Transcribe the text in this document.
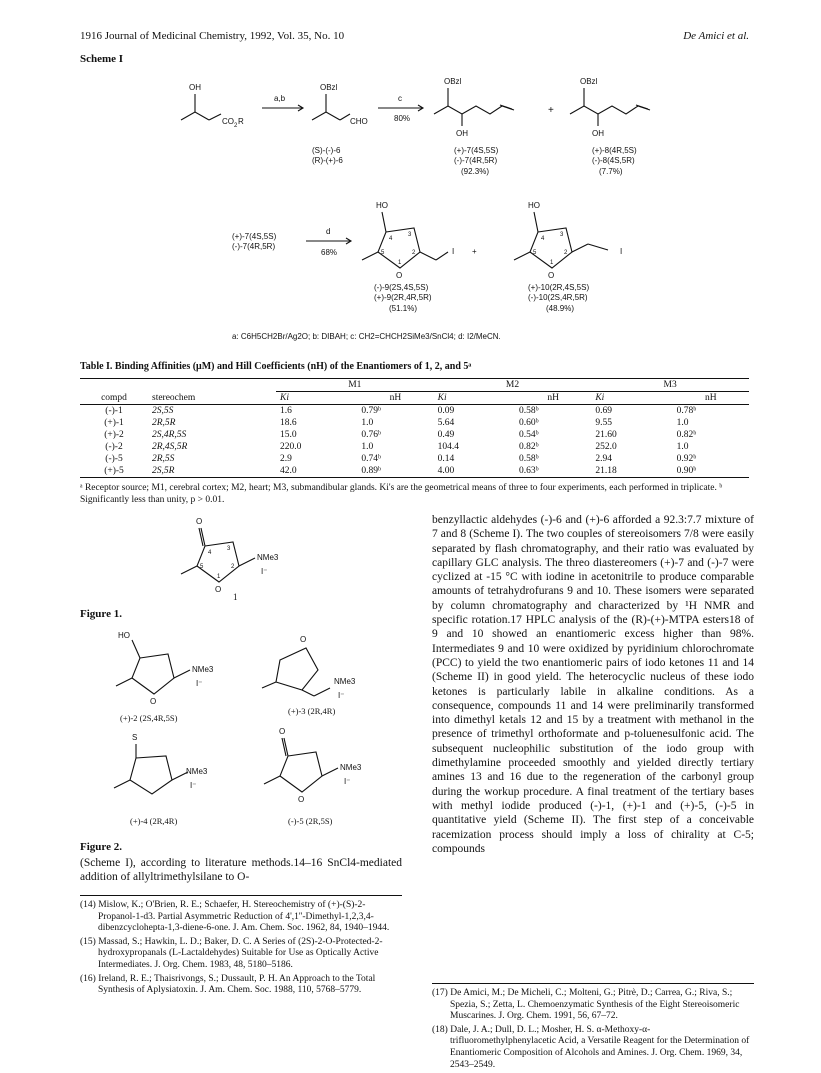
1916 Journal of Medicinal Chemistry, 1992, Vol. 35, No. 10	De Amici et al.
Scheme I
OH
CO 2 R
a,b
OBzl
CHO
(S)-(-)-6
(R)-(+)-6
c
80%
OBzl
OH
(+)-7(4S,5S)
(-)-7(4R,5R)
(92.3%)
+
OBzl
OH
(+)-8(4R,5S)
(-)-8(4S,5R)
(7.7%)
(+)-7(4S,5S)
(-)-7(4R,5R)
d
68%
HO
O
I
4
3
5	2
1
+
HO
O
I
4
3
5	2
1
(-)-9(2S,4S,5S)
(+)-9(2R,4R,5R)
(51.1%)
(+)-10(2R,4S,5S)
(-)-10(2S,4R,5R)
(48.9%)
a: C6H5CH2Br/Ag2O; b: DIBAH; c: CH2=CHCH2SiMe3/SnCl4; d: I2/MeCN.
Table I. Binding Affinities (μM) and Hill Coefficients (nH) of the Enantiomers of 1, 2, and 5ᵃ
		M1		M2		M3	
compd	stereochem	Ki	nH	Ki	nH	Ki	nH
(-)-1	2S,5S	1.6	0.79ᵇ	0.09	0.58ᵇ	0.69	0.78ᵇ
(+)-1	2R,5R	18.6	1.0	5.64	0.60ᵇ	9.55	1.0
(+)-2	2S,4R,5S	15.0	0.76ᵇ	0.49	0.54ᵇ	21.60	0.82ᵇ
(-)-2	2R,4S,5R	220.0	1.0	104.4	0.82ᵇ	252.0	1.0
(-)-5	2R,5S	2.9	0.74ᵇ	0.14	0.58ᵇ	2.94	0.92ᵇ
(+)-5	2S,5R	42.0	0.89ᵇ	4.00	0.63ᵇ	21.18	0.90ᵇ
ᵃ Receptor source; M1, cerebral cortex; M2, heart; M3, submandibular glands. Ki's are the geometrical means of three to four experiments, each performed in triplicate. ᵇ Significantly less than unity, p > 0.01.
O
O
NMe3
I⁻
4
3
5	2
1
1
Figure 1.
HO
O
NMe3
I⁻
(+)-2 (2S,4R,5S)
O
NMe3
I⁻
(+)-3 (2R,4R)
S
NMe3
I⁻
(+)-4 (2R,4R)
O
O
NMe3
I⁻
(-)-5 (2R,5S)
Figure 2.
(Scheme I), according to literature methods.14–16 SnCl4-mediated addition of allyltrimethylsilane to O-
benzyllactic aldehydes (-)-6 and (+)-6 afforded a 92.3:7.7 mixture of 7 and 8 (Scheme I). The two couples of stereoisomers 7/8 were easily separated by flash chromatography, and their ratio was evaluated by capillary GLC analysis. The threo diastereomers (+)-7 and (-)-7 were cyclized at -15 °C with iodine in acetonitrile to produce comparable amounts of tetrahydrofurans 9 and 10. These isomers were separated by column chromatography and characterized by ¹H NMR and specific rotation.17 HPLC analysis of the (R)-(+)-MTPA esters18 of 9 and 10 showed an enantiomeric excess higher than 98%. Intermediates 9 and 10 were oxidized by pyridinium chlorochromate (PCC) to yield the two enantiomeric pairs of iodo ketones 11 and 14 (Scheme II) in good yield. The heterocyclic nucleus of these iodo ketones is particularly labile in alkaline conditions. As a consequence, compounds 11 and 14 were preliminarily transformed into dimethyl ketals 12 and 15 by a treatment with methanol in the presence of trimethyl orthoformate and p-toluenesulfonic acid. The subsequent nucleophilic substitution of the iodo group with dimethylamine proceeded smoothly and yielded directly tertiary amines 13 and 16 due to the regeneration of the carbonyl group during the workup procedure. A final treatment of the tertiary bases with methyl iodide produced (-)-1, (+)-1 and (+)-5, (-)-5 in quantitative yield (Scheme II). The first step of a conceivable racemization process should imply a loss of chirality at C-5; compounds
(14) Mislow, K.; O'Brien, R. E.; Schaefer, H. Stereochemistry of (+)-(S)-2-Propanol-1-d3. Partial Asymmetric Reduction of 4',1''-Dimethyl-1,2,3,4-dibenzcyclohepta-1,3-diene-6-one. J. Am. Chem. Soc. 1962, 84, 1940–1944.
(15) Massad, S.; Hawkin, L. D.; Baker, D. C. A Series of (2S)-2-O-Protected-2-hydroxypropanals (L-Lactaldehydes) Suitable for Use as Optically Active Intermediates. J. Org. Chem. 1983, 48, 5180–5186.
(16) Ireland, R. E.; Thaisrivongs, S.; Dussault, P. H. An Approach to the Total Synthesis of Aplysiatoxin. J. Am. Chem. Soc. 1988, 110, 5768–5779.	(17) De Amici, M.; De Micheli, C.; Molteni, G.; Pitrè, D.; Carrea, G.; Riva, S.; Spezia, S.; Zetta, L. Chemoenzymatic Synthesis of the Eight Stereoisomeric Muscarines. J. Org. Chem. 1991, 56, 67–72.
(18) Dale, J. A.; Dull, D. L.; Mosher, H. S. α-Methoxy-α-trifluoromethylphenylacetic Acid, a Versatile Reagent for the Determination of Enantiomeric Composition of Alcohols and Amines. J. Org. Chem. 1969, 34, 2543–2549.
